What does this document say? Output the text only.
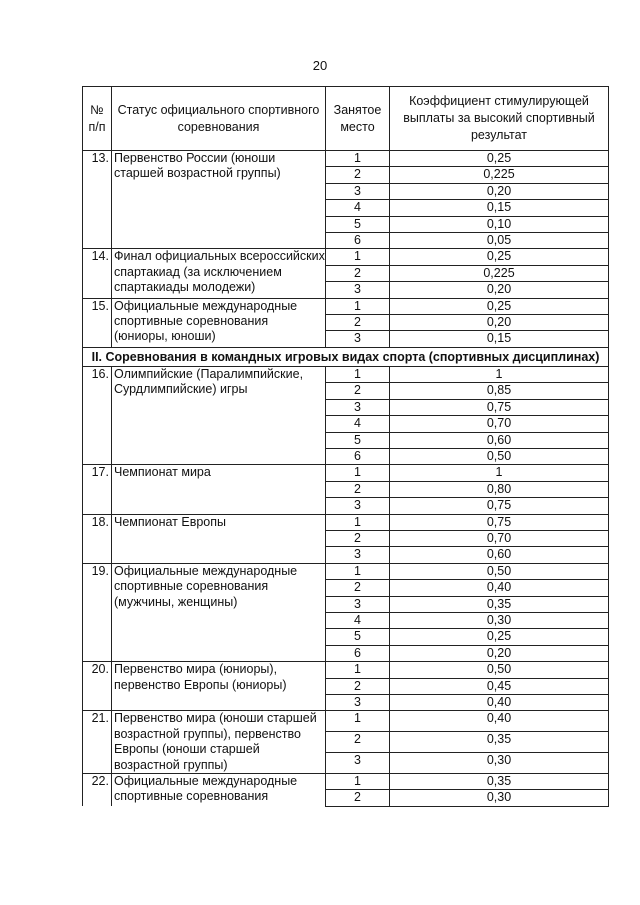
20
№ п/п	Статус официального спортивного соревнования	Занятое место	Коэффициент стимулирующей выплаты за высокий спортивный результат
13.	Первенство России (юноши старшей возрастной группы)	1	0,25
		2	0,225
		3	0,20
		4	0,15
		5	0,10
		6	0,05
14.	Финал официальных всероссийских спартакиад (за исключением спартакиады молодежи)	1	0,25
		2	0,225
		3	0,20
15.	Официальные международные спортивные соревнования (юниоры, юноши)	1	0,25
		2	0,20
		3	0,15
II. Соревнования в командных игровых видах спорта (спортивных дисциплинах)			
16.	Олимпийские (Паралимпийские, Сурдлимпийские) игры	1	1
		2	0,85
		3	0,75
		4	0,70
		5	0,60
		6	0,50
17.	Чемпионат мира	1	1
		2	0,80
		3	0,75
18.	Чемпионат Европы	1	0,75
		2	0,70
		3	0,60
19.	Официальные международные спортивные соревнования (мужчины, женщины)	1	0,50
		2	0,40
		3	0,35
		4	0,30
		5	0,25
		6	0,20
20.	Первенство мира (юниоры), первенство Европы (юниоры)	1	0,50
		2	0,45
		3	0,40
21.	Первенство мира (юноши старшей возрастной группы), первенство Европы (юноши старшей возрастной группы)	1	0,40
		2	0,35
		3	0,30
22.	Официальные международные спортивные соревнования	1	0,35
		2	0,30
